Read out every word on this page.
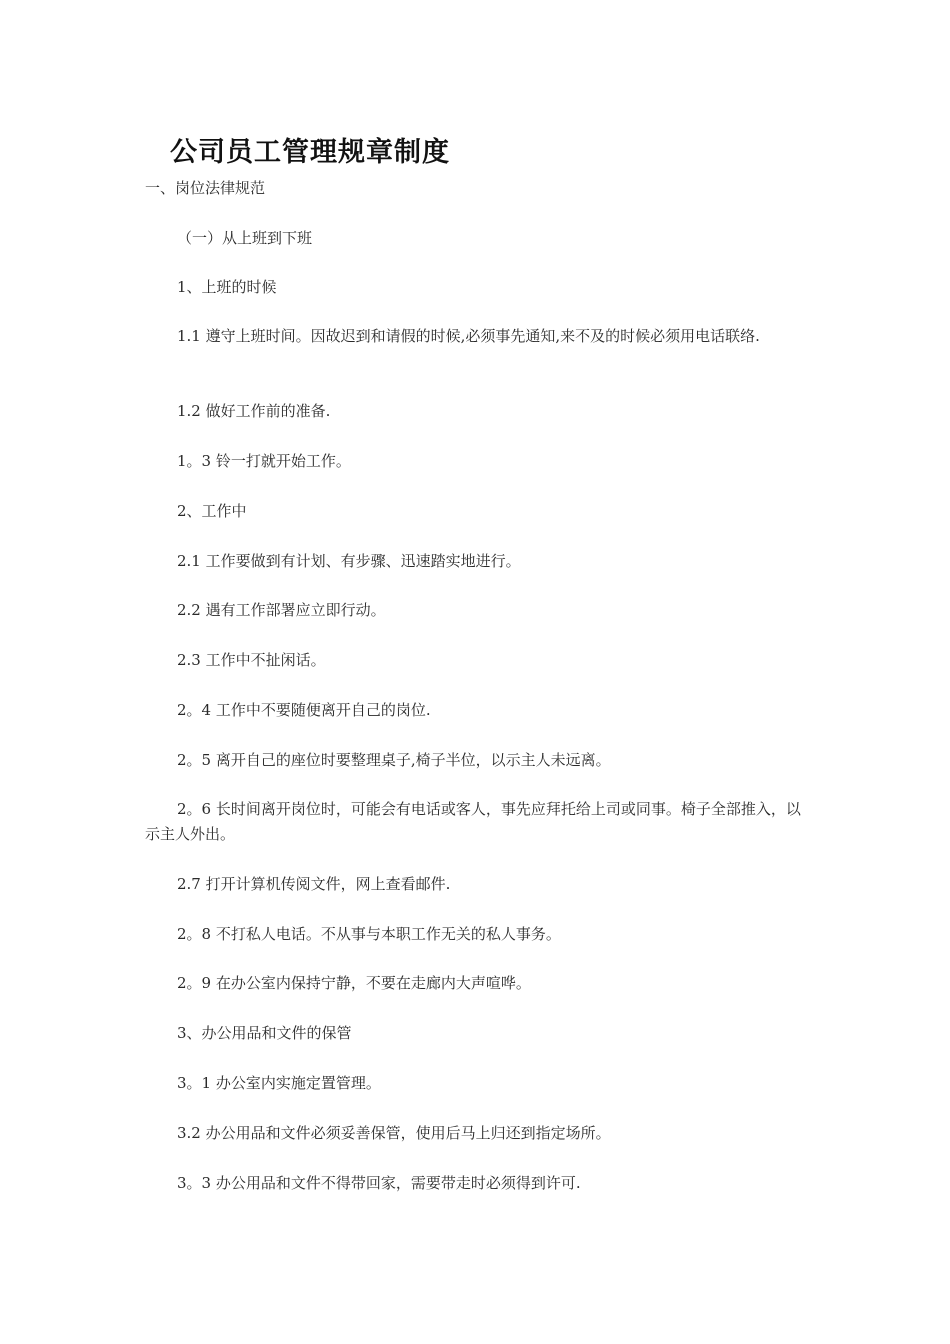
公司员工管理规章制度
一、岗位法律规范
（一）从上班到下班
1、上班的时候
1.1 遵守上班时间。因故迟到和请假的时候,必须事先通知,来不及的时候必须用电话联络.
1.2 做好工作前的准备.
1。3 铃一打就开始工作。
2、工作中
2.1 工作要做到有计划、有步骤、迅速踏实地进行。
2.2 遇有工作部署应立即行动。
2.3 工作中不扯闲话。
2。4 工作中不要随便离开自己的岗位.
2。5 离开自己的座位时要整理桌子,椅子半位，以示主人未远离。
2。6 长时间离开岗位时，可能会有电话或客人，事先应拜托给上司或同事。椅子全部推入，以示主人外出。
2.7 打开计算机传阅文件，网上查看邮件.
2。8 不打私人电话。不从事与本职工作无关的私人事务。
2。9 在办公室内保持宁静，不要在走廊内大声喧哗。
3、办公用品和文件的保管
3。1 办公室内实施定置管理。
3.2 办公用品和文件必须妥善保管，使用后马上归还到指定场所。
3。3 办公用品和文件不得带回家，需要带走时必须得到许可.
